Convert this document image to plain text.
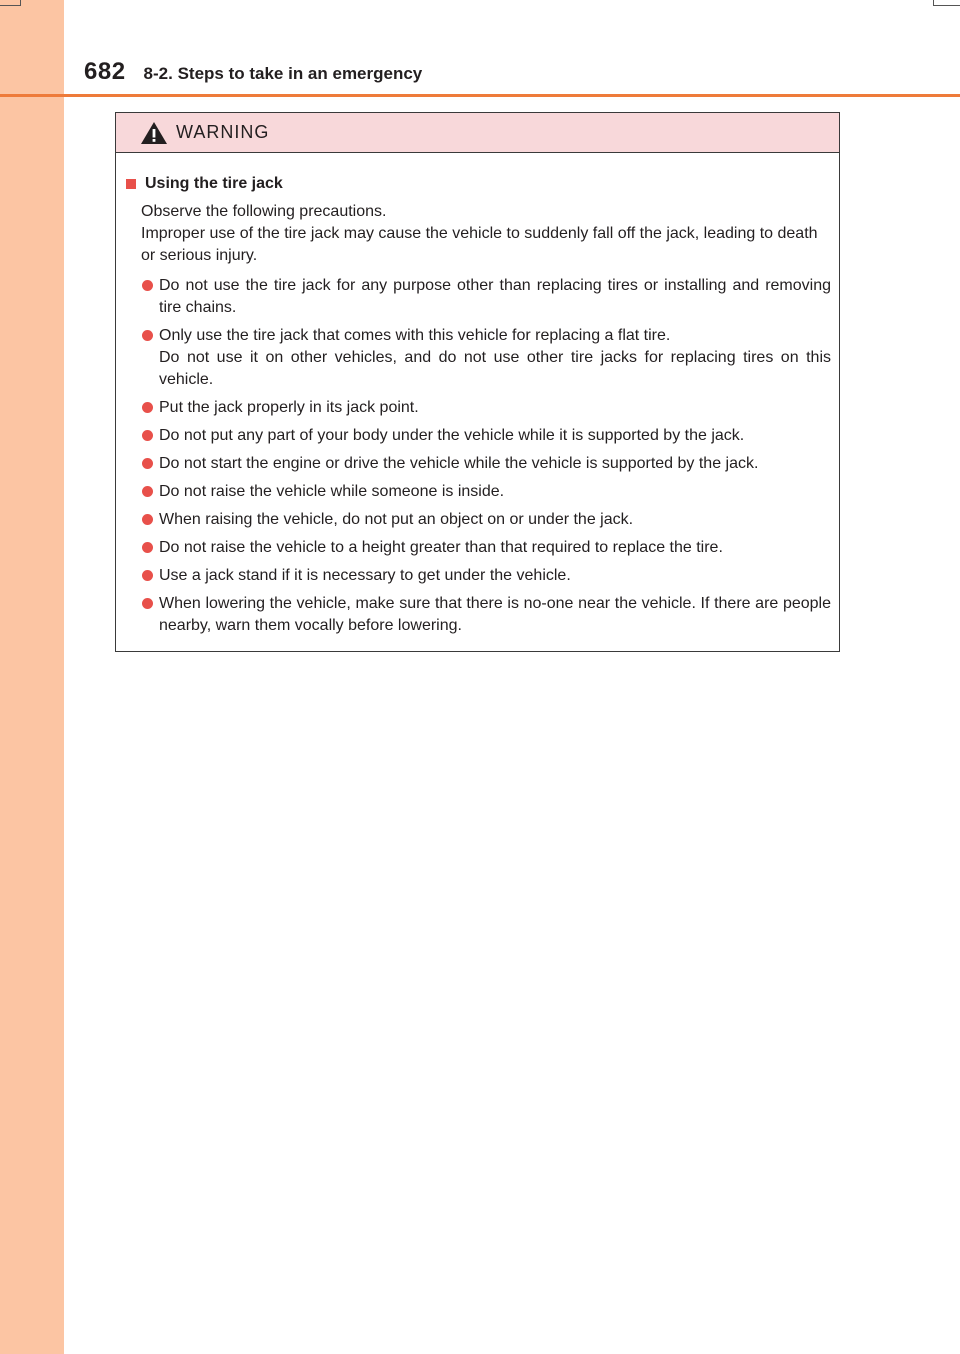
682 8-2. Steps to take in an emergency
WARNING
Using the tire jack

Observe the following precautions.

Improper use of the tire jack may cause the vehicle to suddenly fall off the jack, leading to death or serious injury.

Do not use the tire jack for any purpose other than replacing tires or installing and removing tire chains.
Only use the tire jack that comes with this vehicle for replacing a flat tire.
Do not use it on other vehicles, and do not use other tire jacks for replacing tires on this vehicle.
Put the jack properly in its jack point.
Do not put any part of your body under the vehicle while it is supported by the jack.
Do not start the engine or drive the vehicle while the vehicle is supported by the jack.
Do not raise the vehicle while someone is inside.
When raising the vehicle, do not put an object on or under the jack.
Do not raise the vehicle to a height greater than that required to replace the tire.
Use a jack stand if it is necessary to get under the vehicle.
When lowering the vehicle, make sure that there is no-one near the vehicle. If there are people nearby, warn them vocally before lowering.
